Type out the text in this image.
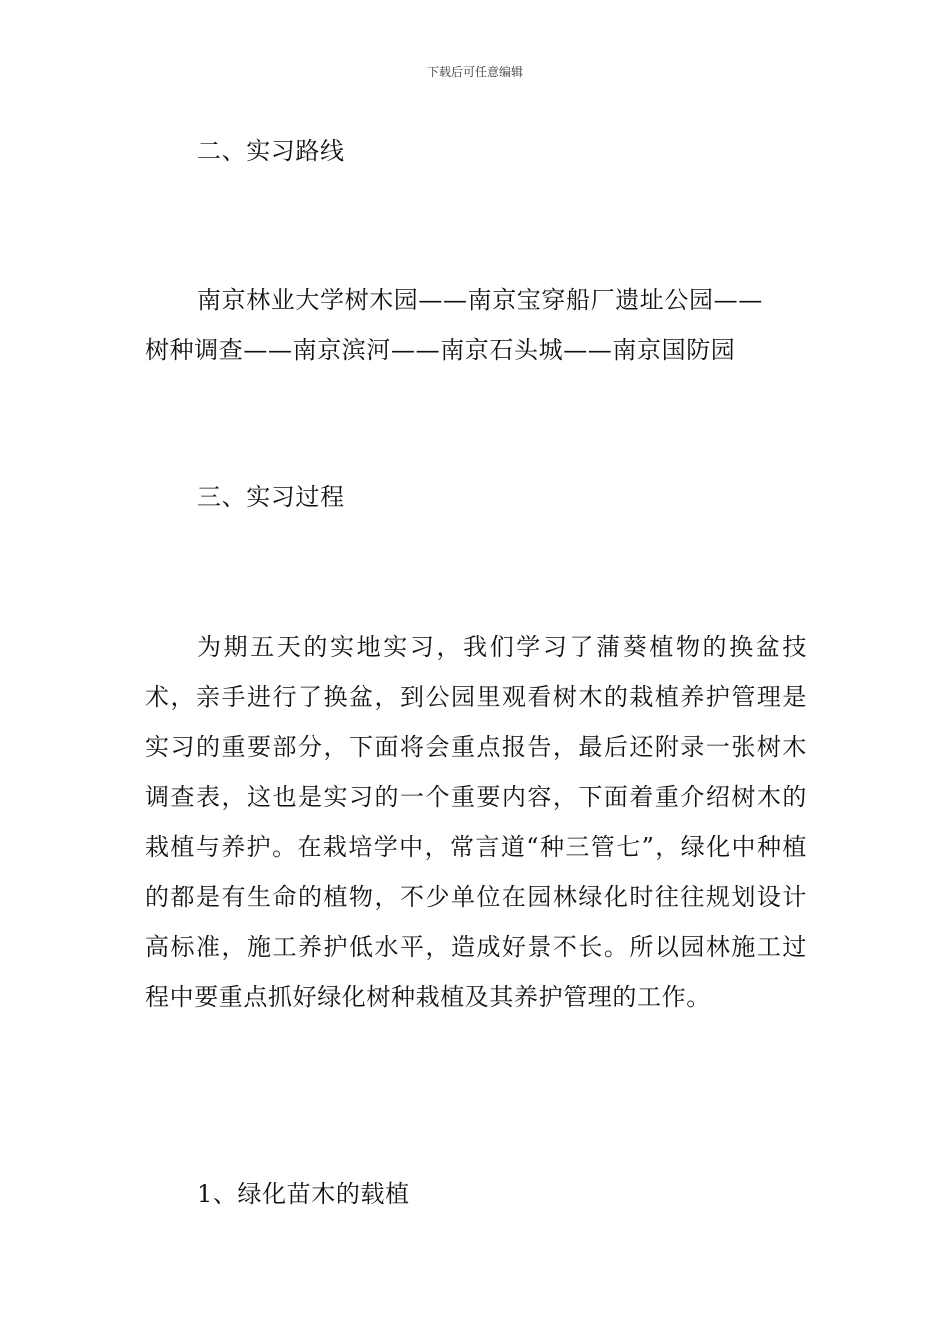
下载后可任意编辑
二、实习路线
南京林业大学树木园——南京宝穿船厂遗址公园——
树种调查——南京滨河——南京石头城——南京国防园
三、实习过程

为期五天的实地实习，我们学习了蒲葵植物的换盆技术，亲手进行了换盆，到公园里观看树木的栽植养护管理是实习的重要部分，下面将会重点报告，最后还附录一张树木调查表，这也是实习的一个重要内容，下面着重介绍树木的栽植与养护。在栽培学中，常言道“种三管七”，绿化中种植的都是有生命的植物，不少单位在园林绿化时往往规划设计高标准，施工养护低水平，造成好景不长。所以园林施工过程中要重点抓好绿化树种栽植及其养护管理的工作。

1、绿化苗木的载植
